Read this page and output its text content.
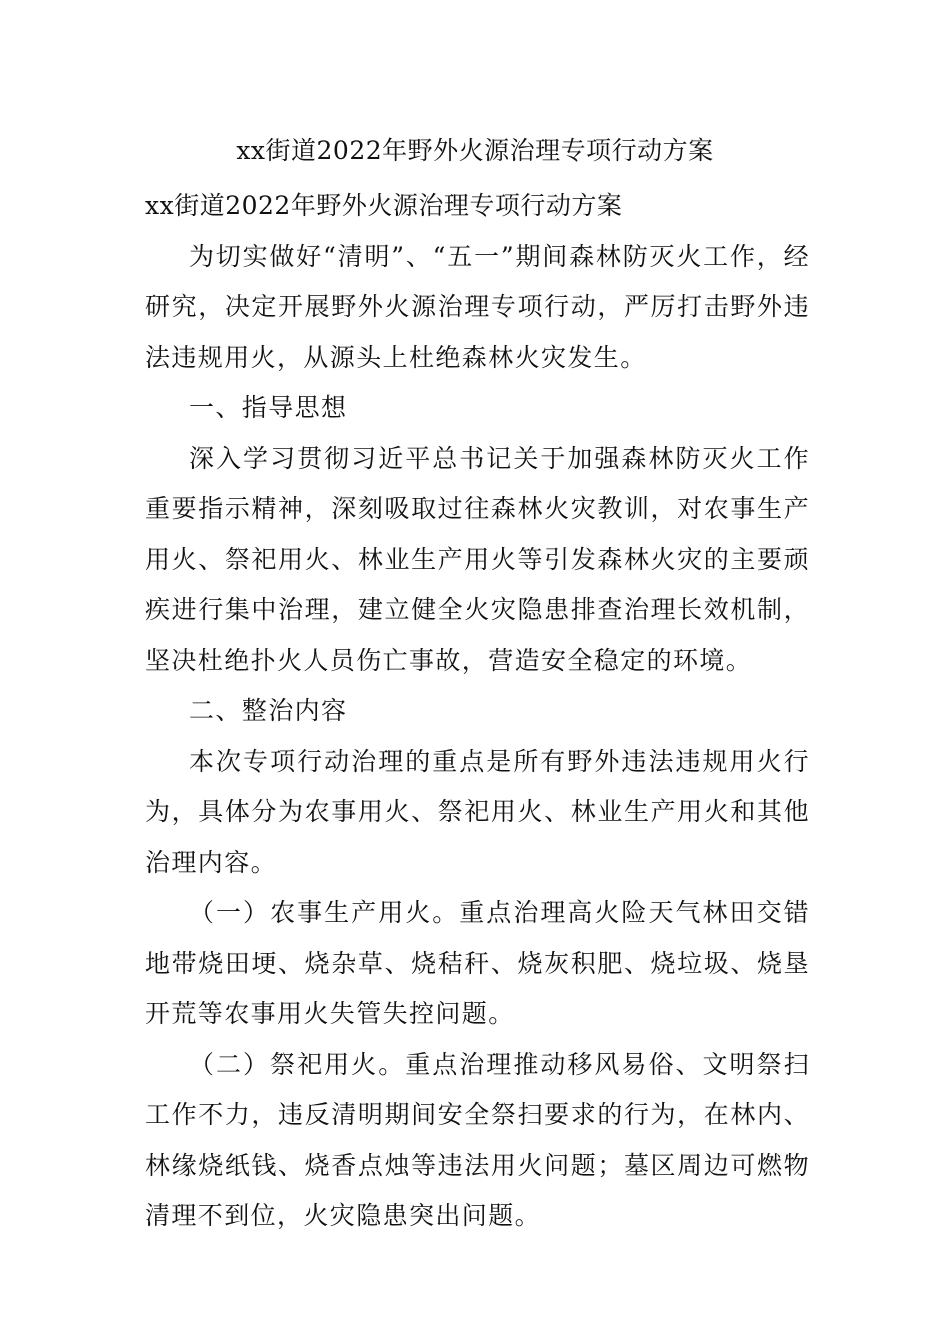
xx街道2022年野外火源治理专项行动方案

xx街道2022年野外火源治理专项行动方案

为切实做好“清明”、“五一”期间森林防灭火工作，经研究，决定开展野外火源治理专项行动，严厉打击野外违法违规用火，从源头上杜绝森林火灾发生。

一、指导思想

深入学习贯彻习近平总书记关于加强森林防灭火工作重要指示精神，深刻吸取过往森林火灾教训，对农事生产用火、祭祀用火、林业生产用火等引发森林火灾的主要顽疾进行集中治理，建立健全火灾隐患排查治理长效机制，坚决杜绝扑火人员伤亡事故，营造安全稳定的环境。

二、整治内容

本次专项行动治理的重点是所有野外违法违规用火行为，具体分为农事用火、祭祀用火、林业生产用火和其他治理内容。

（一）农事生产用火。重点治理高火险天气林田交错地带烧田埂、烧杂草、烧秸秆、烧灰积肥、烧垃圾、烧垦开荒等农事用火失管失控问题。

（二）祭祀用火。重点治理推动移风易俗、文明祭扫工作不力，违反清明期间安全祭扫要求的行为，在林内、林缘烧纸钱、烧香点烛等违法用火问题；墓区周边可燃物清理不到位，火灾隐患突出问题。
